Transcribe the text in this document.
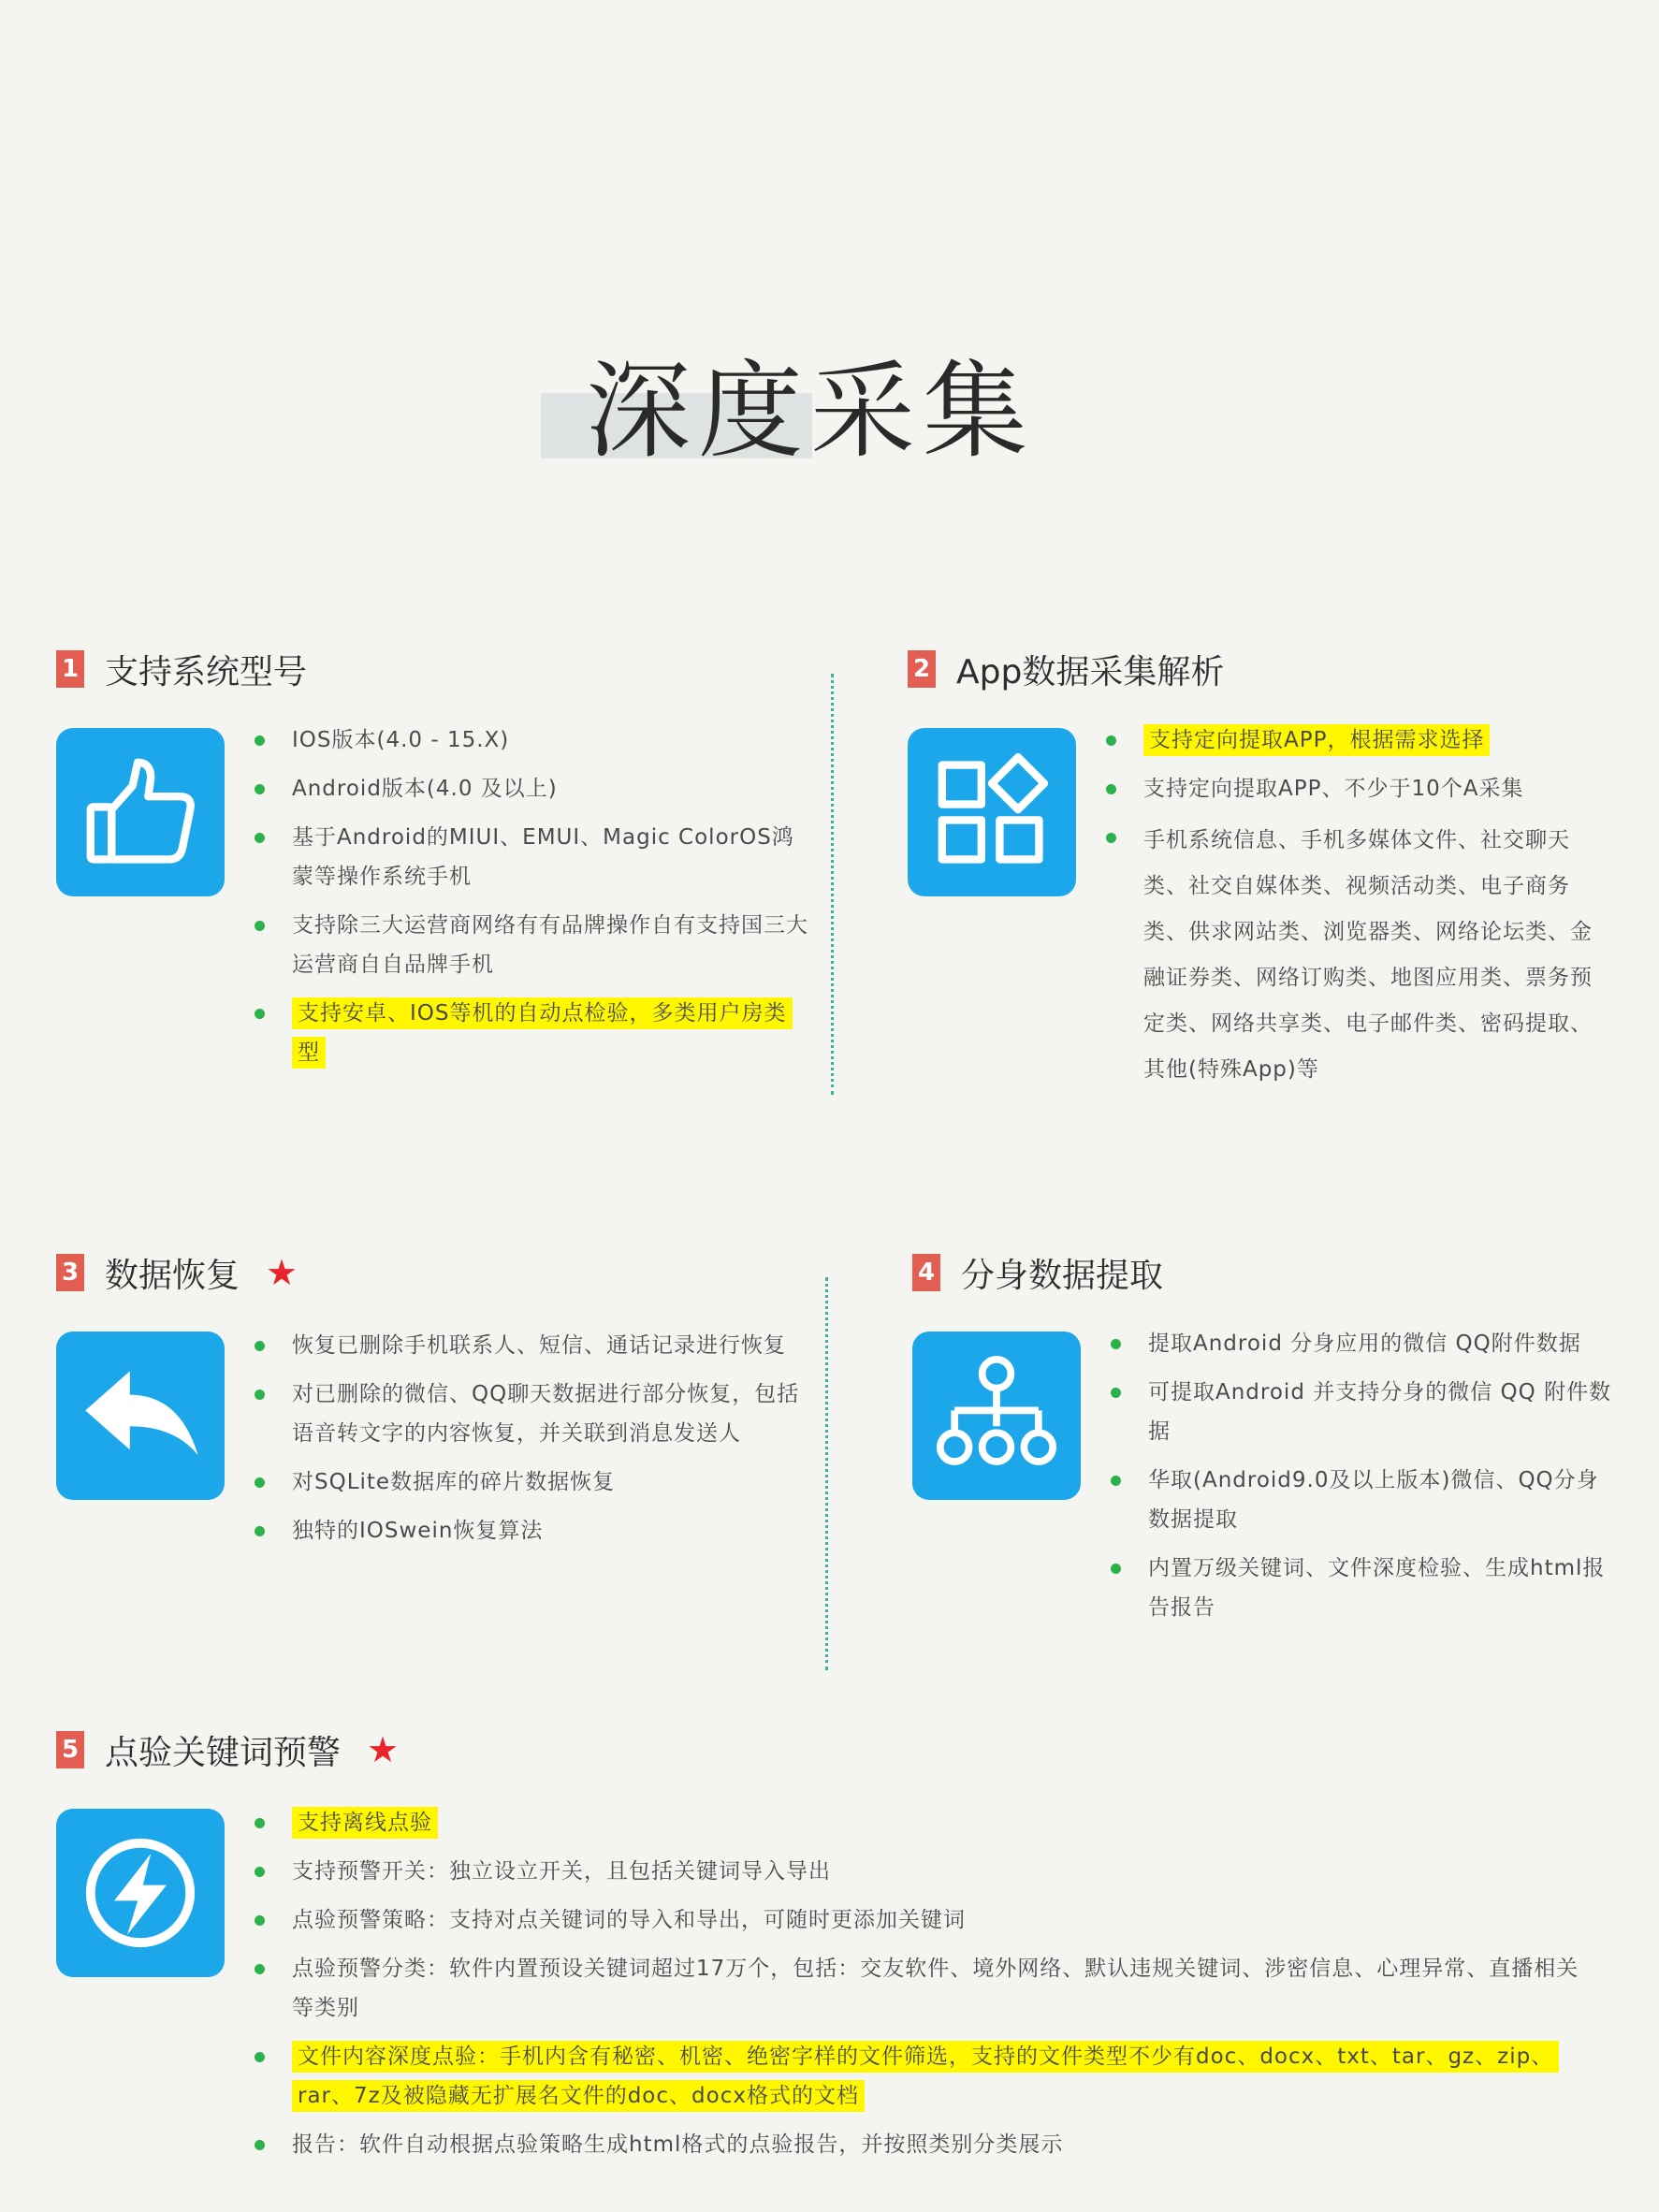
深度采集
1 支持系统型号
IOS版本(4.0 - 15.X)
Android版本(4.0 及以上)
基于Android的MIUI、EMUI、Magic ColorOS鸿蒙等操作系统手机
支持除三大运营商网络有有品牌操作自有支持国三大运营商自自品牌手机
支持安卓、IOS等机的自动点检验，多类用户房类型
2 App数据采集解析
支持定向提取APP，根据需求选择
支持定向提取APP、不少于10个A采集
手机系统信息、手机多媒体文件、社交聊天类、社交自媒体类、视频活动类、电子商务类、供求网站类、浏览器类、网络论坛类、金融证券类、网络订购类、地图应用类、票务预定类、网络共享类、电子邮件类、密码提取、其他(特殊App)等
3 数据恢复 ★
恢复已删除手机联系人、短信、通话记录进行恢复
对已删除的微信、QQ聊天数据进行部分恢复，包括语音转文字的内容恢复，并关联到消息发送人
对SQLite数据库的碎片数据恢复
独特的IOSwein恢复算法
4 分身数据提取
提取Android 分身应用的微信 QQ附件数据
可提取Android 并支持分身的微信 QQ 附件数据
华取(Android9.0及以上版本)微信、QQ分身数据提取
内置万级关键词、文件深度检验、生成html报告报告
5 点验关键词预警 ★
支持离线点验
支持预警开关：独立设立开关，且包括关键词导入导出
点验预警策略：支持对点关键词的导入和导出，可随时更添加关键词
点验预警分类：软件内置预设关键词超过17万个，包括：交友软件、境外网络、默认违规关键词、涉密信息、心理异常、直播相关等类别
文件内容深度点验：手机内含有秘密、机密、绝密字样的文件筛选，支持的文件类型不少有doc、docx、txt、tar、gz、zip、rar、7z及被隐藏无扩展名文件的doc、docx格式的文档
报告：软件自动根据点验策略生成html格式的点验报告，并按照类别分类展示
